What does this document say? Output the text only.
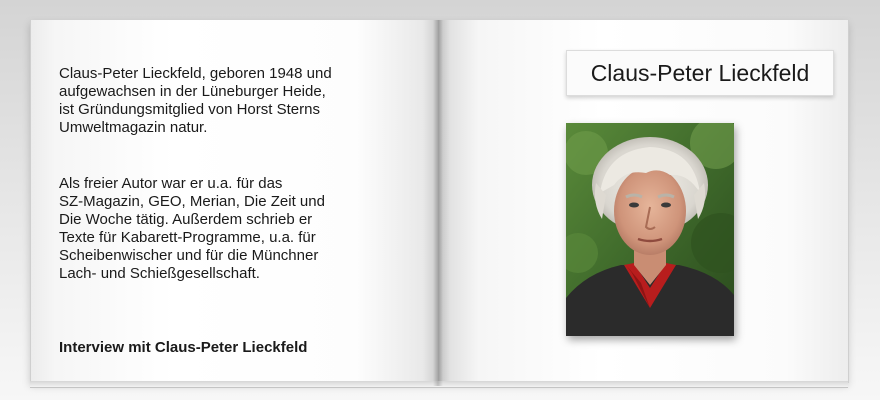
Claus-Peter Lieckfeld, geboren 1948 und
aufgewachsen in der Lüneburger Heide,
ist Gründungsmitglied von Horst Sterns
Umweltmagazin natur.

Als freier Autor war er u.a. für das
SZ-Magazin, GEO, Merian, Die Zeit und
Die Woche tätig. Außerdem schrieb er
Texte für Kabarett-Programme, u.a. für
Scheibenwischer und für die Münchner
Lach- und Schießgesellschaft.

Interview mit Claus-Peter Lieckfeld
Claus-Peter Lieckfeld
